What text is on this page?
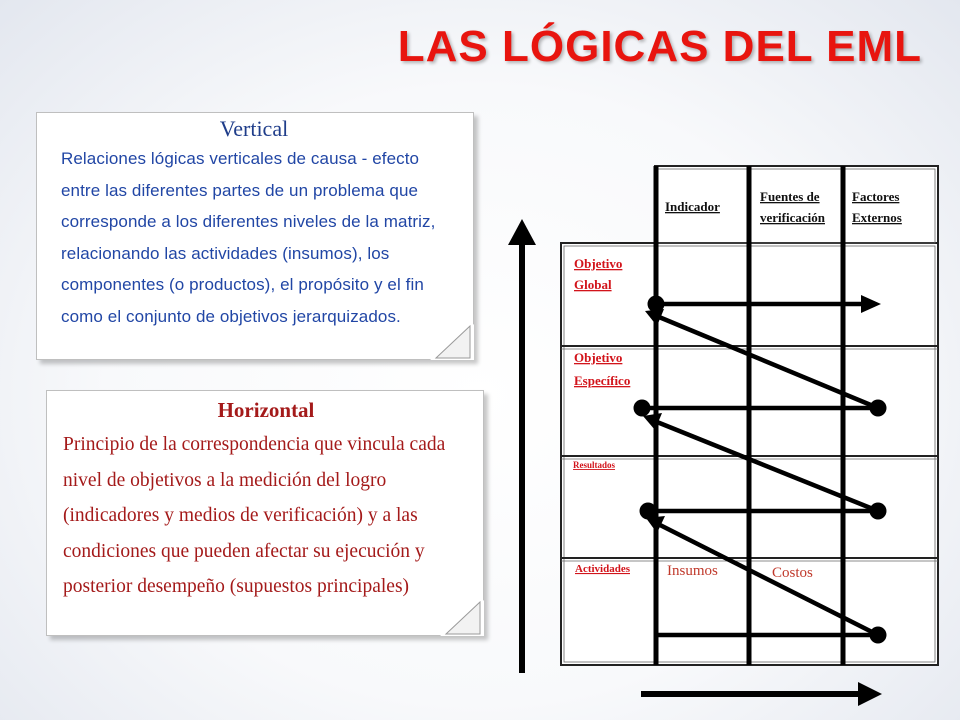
LAS LÓGICAS DEL EML
Vertical
Relaciones lógicas verticales de causa - efecto entre las diferentes partes de un problema que corresponde a los diferentes niveles de la matriz, relacionando las actividades (insumos), los componentes (o productos), el propósito y el fin como el conjunto de objetivos jerarquizados.
Horizontal
Principio de la correspondencia que vincula cada nivel de objetivos a la medición del logro (indicadores y medios de verificación) y a las condiciones que pueden afectar su ejecución y posterior desempeño (supuestos principales)
Indicador
Fuentes de
verificación
Factores
Externos
Objetivo
Global
Objetivo
Específico
Resultados
Actividades Insumos	Costos
